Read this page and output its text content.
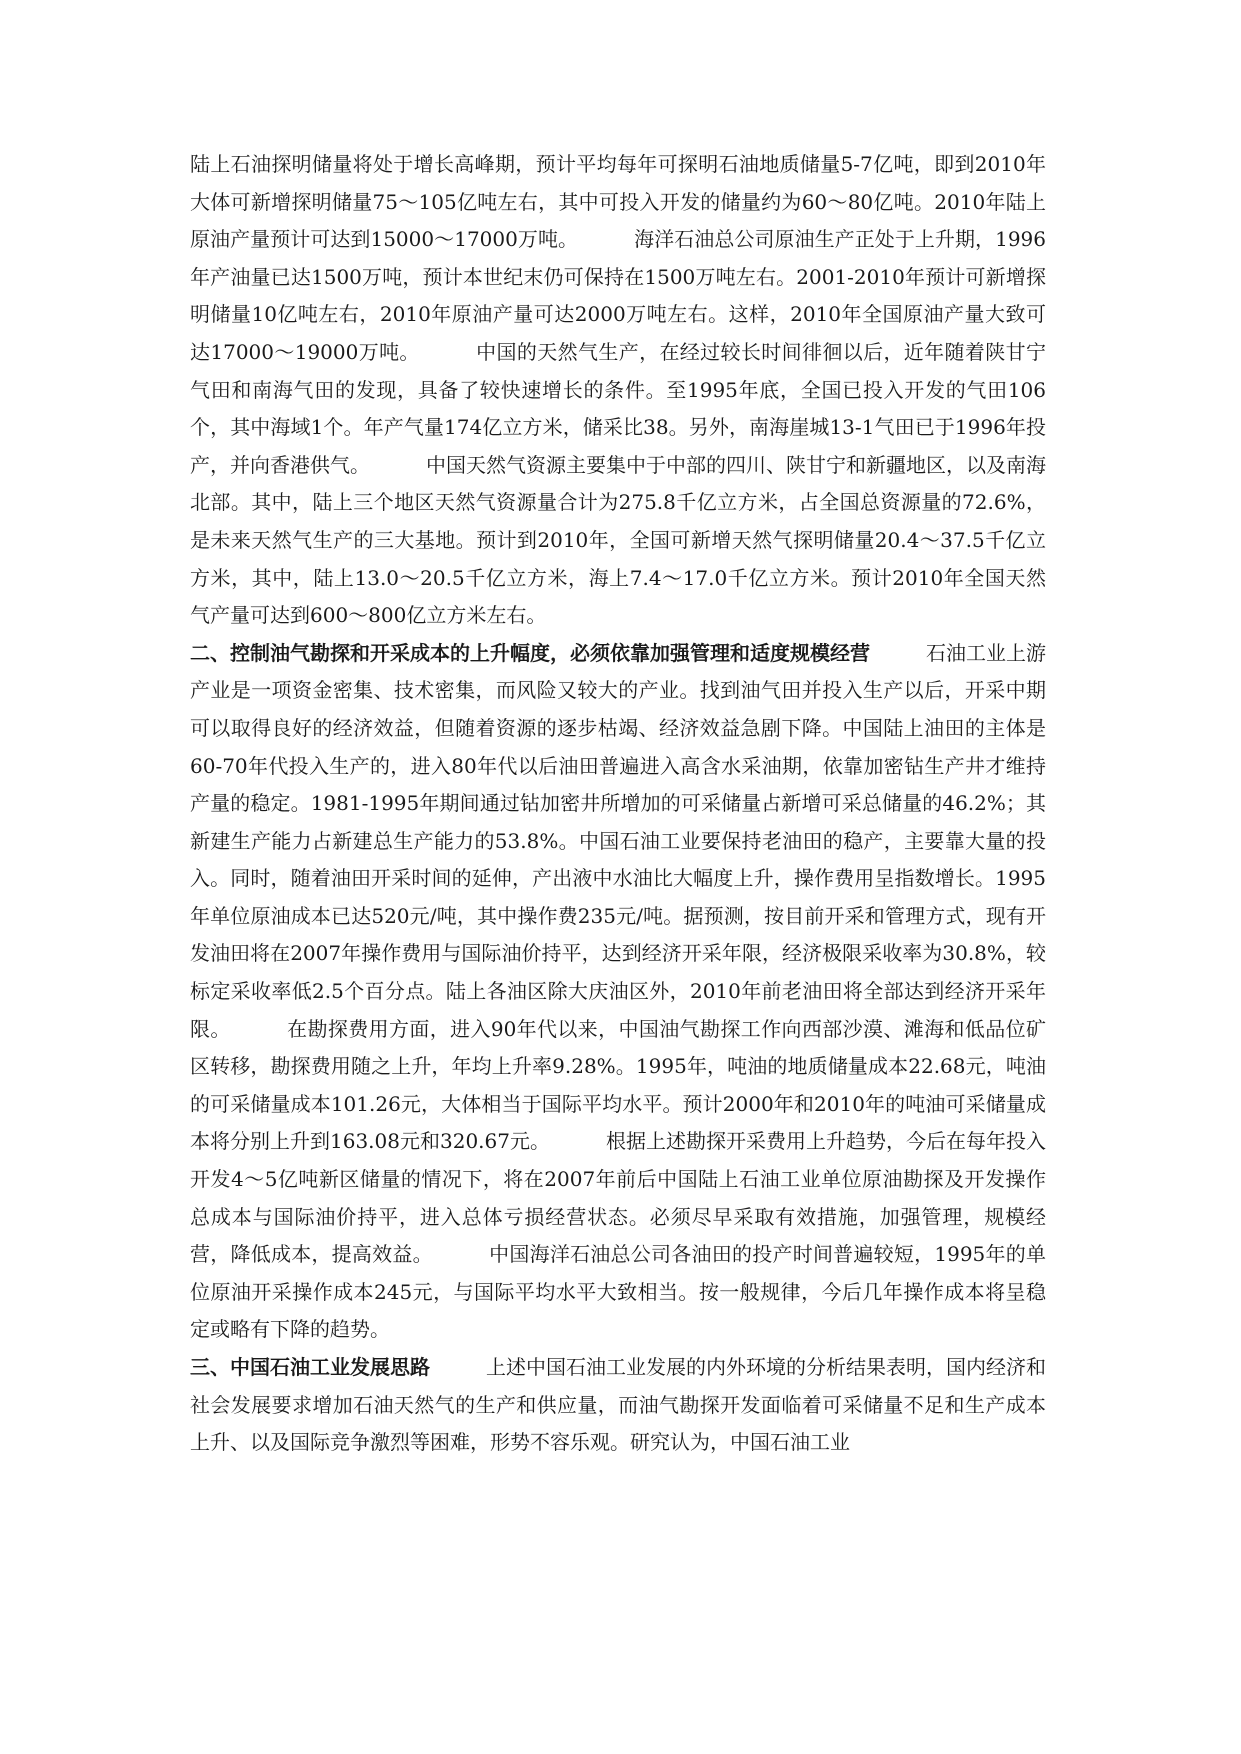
陆上石油探明储量将处于增长高峰期，预计平均每年可探明石油地质储量5-7亿吨，即到2010年大体可新增探明储量75～105亿吨左右，其中可投入开发的储量约为60～80亿吨。2010年陆上原油产量预计可达到15000～17000万吨。	海洋石油总公司原油生产正处于上升期，1996年产油量已达1500万吨，预计本世纪末仍可保持在1500万吨左右。2001-2010年预计可新增探明储量10亿吨左右，2010年原油产量可达2000万吨左右。这样，2010年全国原油产量大致可达17000～19000万吨。	中国的天然气生产，在经过较长时间徘徊以后，近年随着陕甘宁气田和南海气田的发现，具备了较快速增长的条件。至1995年底，全国已投入开发的气田106个，其中海域1个。年产气量174亿立方米，储采比38。另外，南海崖城13-1气田已于1996年投产，并向香港供气。	中国天然气资源主要集中于中部的四川、陕甘宁和新疆地区，以及南海北部。其中，陆上三个地区天然气资源量合计为275.8千亿立方米，占全国总资源量的72.6%，是未来天然气生产的三大基地。预计到2010年，全国可新增天然气探明储量20.4～37.5千亿立方米，其中，陆上13.0～20.5千亿立方米，海上7.4～17.0千亿立方米。预计2010年全国天然气产量可达到600～800亿立方米左右。

二、控制油气勘探和开采成本的上升幅度，必须依靠加强管理和适度规模经营	石油工业上游产业是一项资金密集、技术密集，而风险又较大的产业。找到油气田并投入生产以后，开采中期可以取得良好的经济效益，但随着资源的逐步枯竭、经济效益急剧下降。中国陆上油田的主体是60-70年代投入生产的，进入80年代以后油田普遍进入高含水采油期，依靠加密钻生产井才维持产量的稳定。1981-1995年期间通过钻加密井所增加的可采储量占新增可采总储量的46.2%；其新建生产能力占新建总生产能力的53.8%。中国石油工业要保持老油田的稳产，主要靠大量的投入。同时，随着油田开采时间的延伸，产出液中水油比大幅度上升，操作费用呈指数增长。1995年单位原油成本已达520元/吨，其中操作费235元/吨。据预测，按目前开采和管理方式，现有开发油田将在2007年操作费用与国际油价持平，达到经济开采年限，经济极限采收率为30.8%，较标定采收率低2.5个百分点。陆上各油区除大庆油区外，2010年前老油田将全部达到经济开采年限。	在勘探费用方面，进入90年代以来，中国油气勘探工作向西部沙漠、滩海和低品位矿区转移，勘探费用随之上升，年均上升率9.28%。1995年，吨油的地质储量成本22.68元，吨油的可采储量成本101.26元，大体相当于国际平均水平。预计2000年和2010年的吨油可采储量成本将分别上升到163.08元和320.67元。	根据上述勘探开采费用上升趋势，今后在每年投入开发4～5亿吨新区储量的情况下，将在2007年前后中国陆上石油工业单位原油勘探及开发操作总成本与国际油价持平，进入总体亏损经营状态。必须尽早采取有效措施，加强管理，规模经营，降低成本，提高效益。	中国海洋石油总公司各油田的投产时间普遍较短，1995年的单位原油开采操作成本245元，与国际平均水平大致相当。按一般规律，今后几年操作成本将呈稳定或略有下降的趋势。

三、中国石油工业发展思路	上述中国石油工业发展的内外环境的分析结果表明，国内经济和社会发展要求增加石油天然气的生产和供应量，而油气勘探开发面临着可采储量不足和生产成本上升、以及国际竞争激烈等困难，形势不容乐观。研究认为，中国石油工业
